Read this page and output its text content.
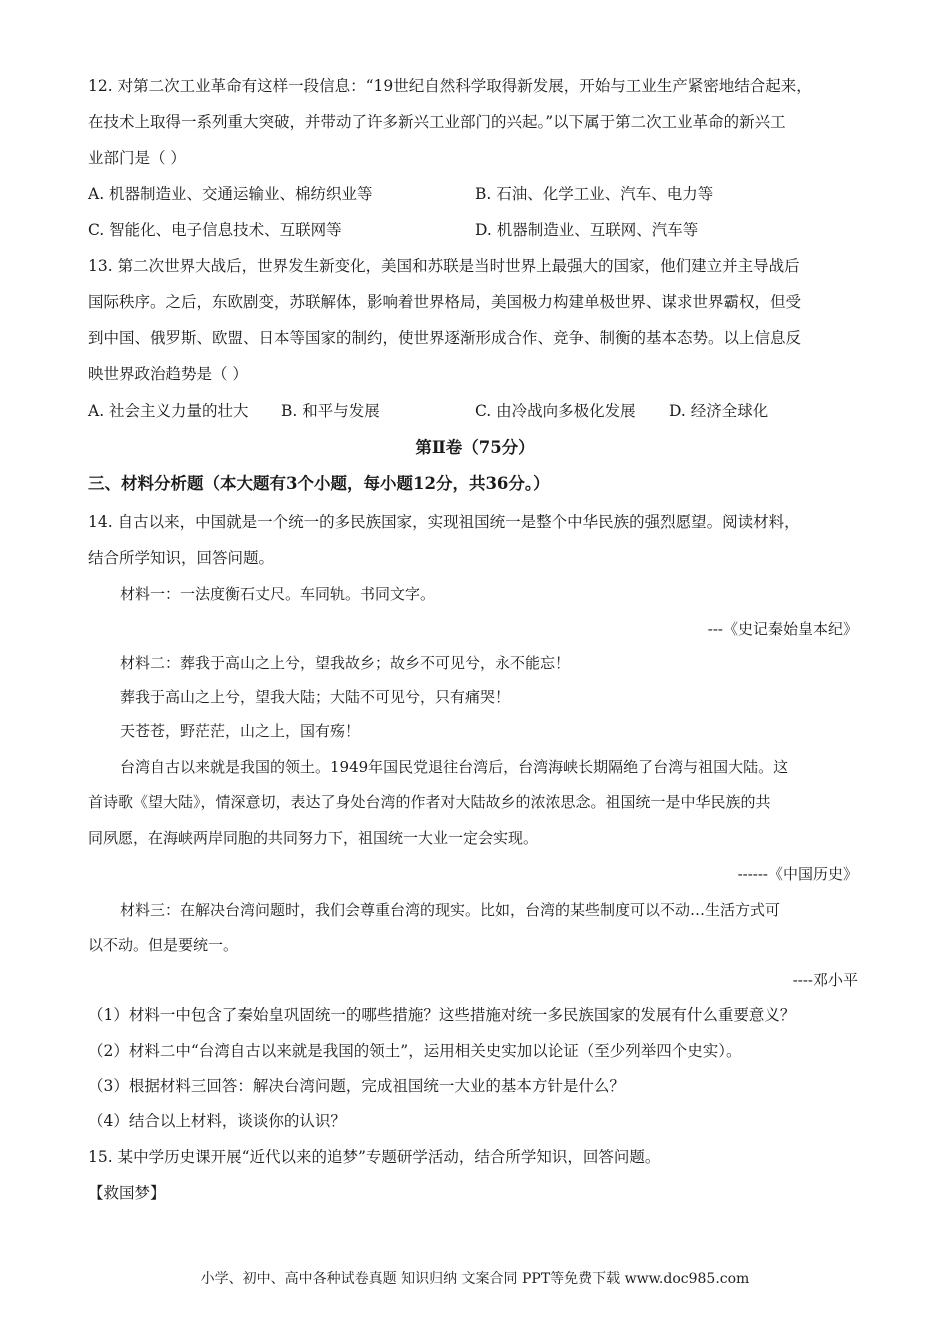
12. 对第二次工业革命有这样一段信息：“19世纪自然科学取得新发展，开始与工业生产紧密地结合起来，
在技术上取得一系列重大突破，并带动了许多新兴工业部门的兴起。”以下属于第二次工业革命的新兴工
业部门是（ ）
A. 机器制造业、交通运输业、棉纺织业等	B. 石油、化学工业、汽车、电力等
C. 智能化、电子信息技术、互联网等	D. 机器制造业、互联网、汽车等
13. 第二次世界大战后，世界发生新变化，美国和苏联是当时世界上最强大的国家，他们建立并主导战后
国际秩序。之后，东欧剧变，苏联解体，影响着世界格局，美国极力构建单极世界、谋求世界霸权，但受
到中国、俄罗斯、欧盟、日本等国家的制约，使世界逐渐形成合作、竞争、制衡的基本态势。以上信息反
映世界政治趋势是（ ）
A. 社会主义力量的壮大 B. 和平与发展	C. 由冷战向多极化发展 D. 经济全球化
第Ⅱ卷（75分）
三、材料分析题（本大题有3个小题，每小题12分，共36分。）
14. 自古以来，中国就是一个统一的多民族国家，实现祖国统一是整个中华民族的强烈愿望。阅读材料，
结合所学知识，回答问题。
材料一：一法度衡石丈尺。车同轨。书同文字。
---《史记秦始皇本纪》
材料二：葬我于高山之上兮，望我故乡；故乡不可见兮，永不能忘！
葬我于高山之上兮，望我大陆；大陆不可见兮，只有痛哭！
天苍苍，野茫茫，山之上，国有殇！
台湾自古以来就是我国的领土。1949年国民党退往台湾后，台湾海峡长期隔绝了台湾与祖国大陆。这
首诗歌《望大陆》，情深意切，表达了身处台湾的作者对大陆故乡的浓浓思念。祖国统一是中华民族的共
同夙愿，在海峡两岸同胞的共同努力下，祖国统一大业一定会实现。
------《中国历史》
材料三：在解决台湾问题时，我们会尊重台湾的现实。比如，台湾的某些制度可以不动…生活方式可
以不动。但是要统一。
----邓小平
（1）材料一中包含了秦始皇巩固统一的哪些措施？这些措施对统一多民族国家的发展有什么重要意义？
（2）材料二中“台湾自古以来就是我国的领土”，运用相关史实加以论证（至少列举四个史实）。
（3）根据材料三回答：解决台湾问题，完成祖国统一大业的基本方针是什么？
（4）结合以上材料，谈谈你的认识？
15. 某中学历史课开展“近代以来的追梦”专题研学活动，结合所学知识，回答问题。
【救国梦】
小学、初中、高中各种试卷真题 知识归纳 文案合同 PPT等免费下载 www.doc985.com
